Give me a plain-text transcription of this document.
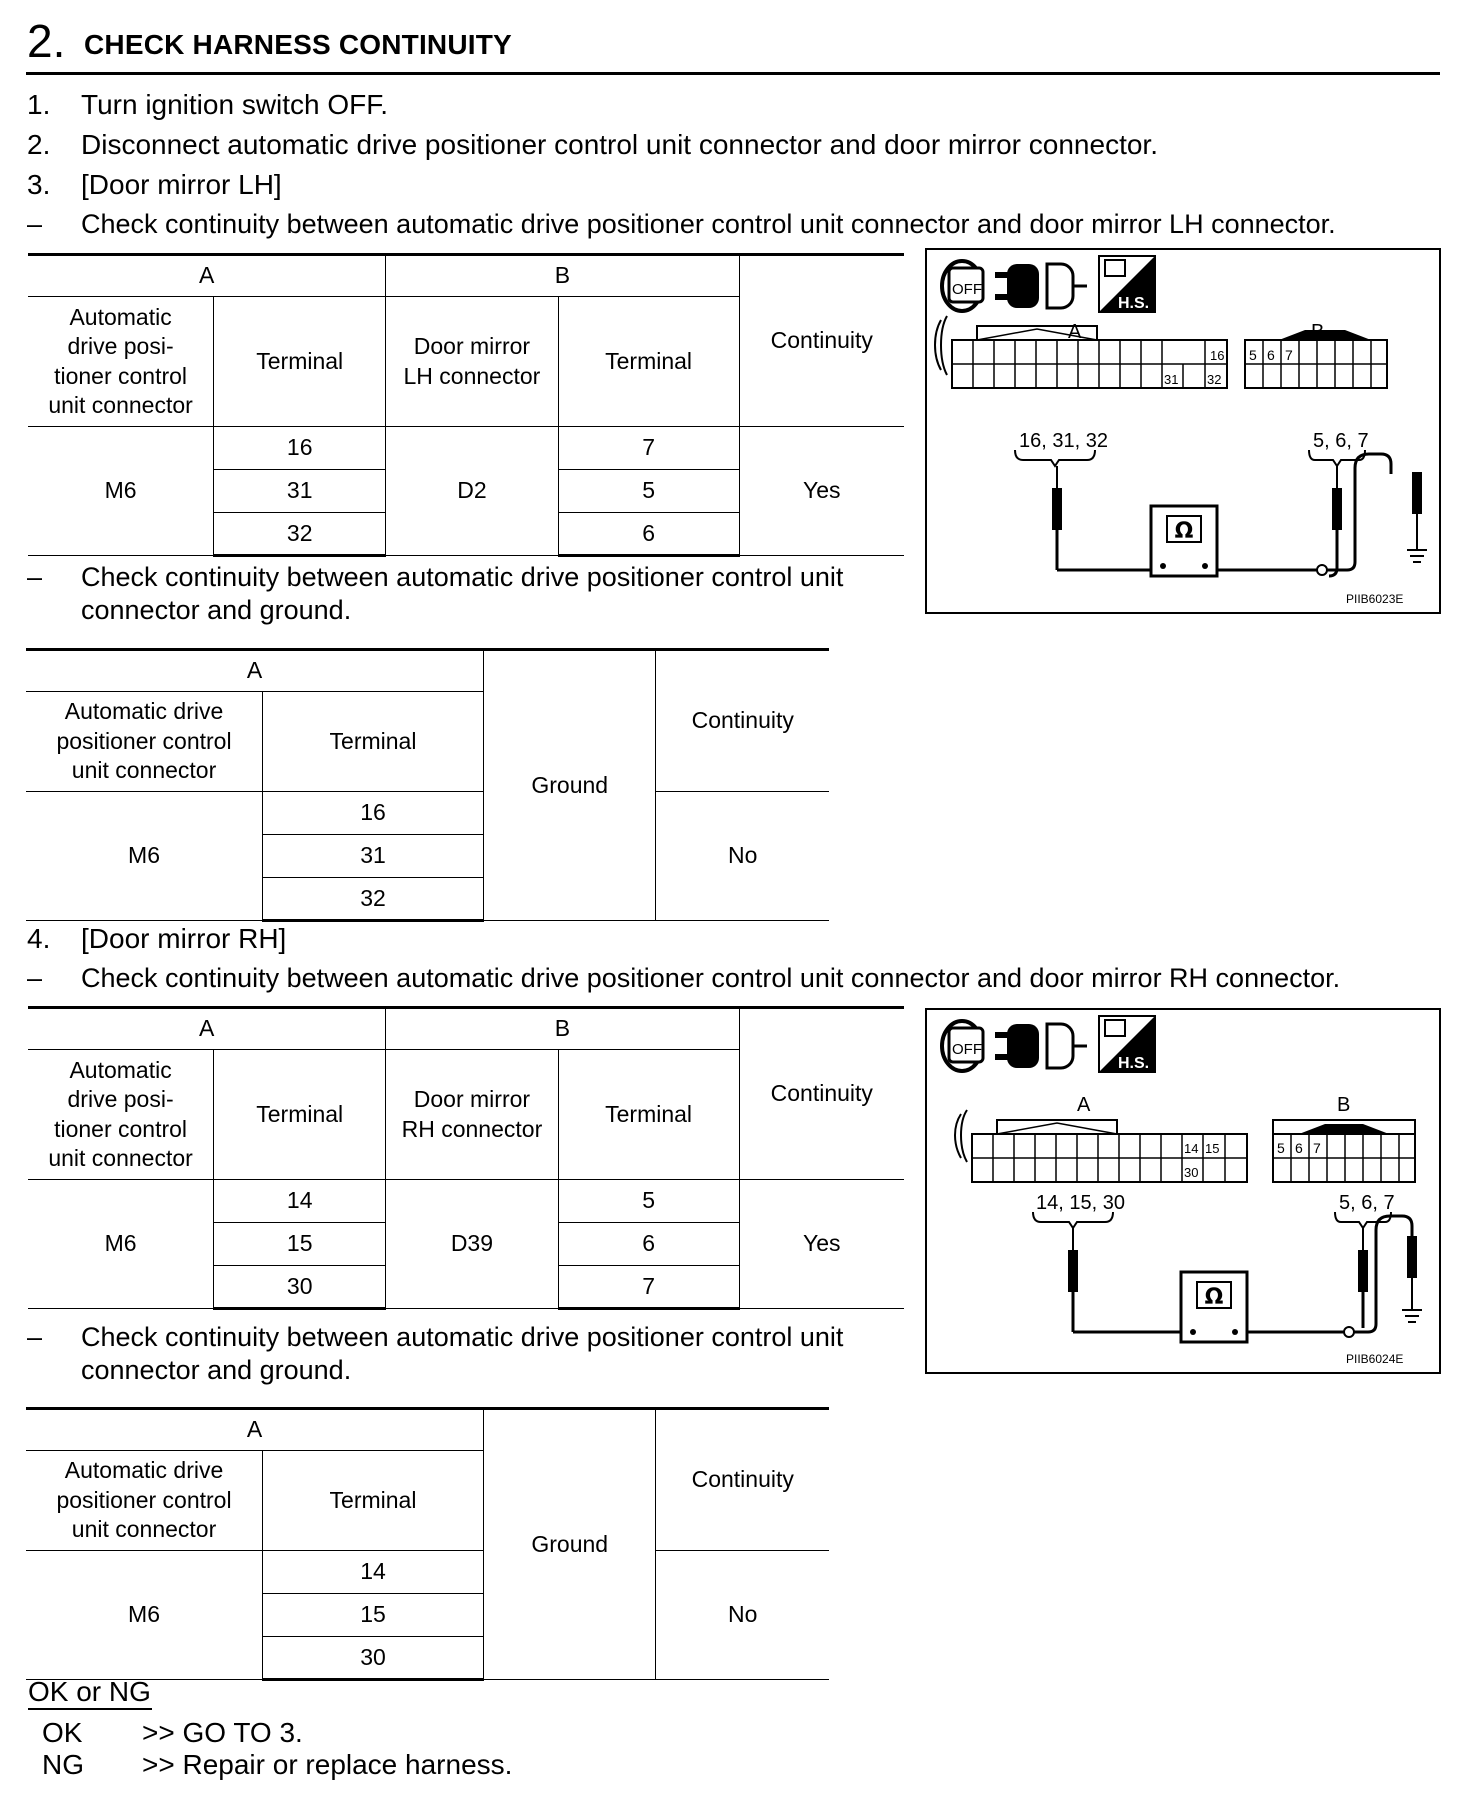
2. CHECK HARNESS CONTINUITY
1. Turn ignition switch OFF.
2. Disconnect automatic drive positioner control unit connector and door mirror connector.
3. [Door mirror LH]
– Check continuity between automatic drive positioner control unit connector and door mirror LH connector.
A		B		Continuity
Automatic
drive posi-
tioner control
unit connector	Terminal	Door mirror
LH connector	Terminal	
M6	16	D2	7	Yes
	31		5	
	32		6	
OFF
H.S.
16
31 32
5 6 7
Ω
A	B
16, 31, 32	5, 6, 7
PIIB6023E
– Check continuity between automatic drive positioner control unit
connector and ground.
A		Ground	Continuity
Automatic drive
positioner control
unit connector	Terminal		
M6	16		No
	31		
	32		
4. [Door mirror RH]
– Check continuity between automatic drive positioner control unit connector and door mirror RH connector.
A		B		Continuity
Automatic
drive posi-
tioner control
unit connector	Terminal	Door mirror
RH connector	Terminal	
M6	14	D39	5	Yes
	15		6	
	30		7	
OFF
H.S.
14 15
30
5 6 7
Ω
A	B
14, 15, 30	5, 6, 7
PIIB6024E
– Check continuity between automatic drive positioner control unit
connector and ground.
A		Ground	Continuity
Automatic drive
positioner control
unit connector	Terminal		
M6	14		No
	15		
	30		
OK or NG
OK >> GO TO 3.
NG >> Repair or replace harness.
